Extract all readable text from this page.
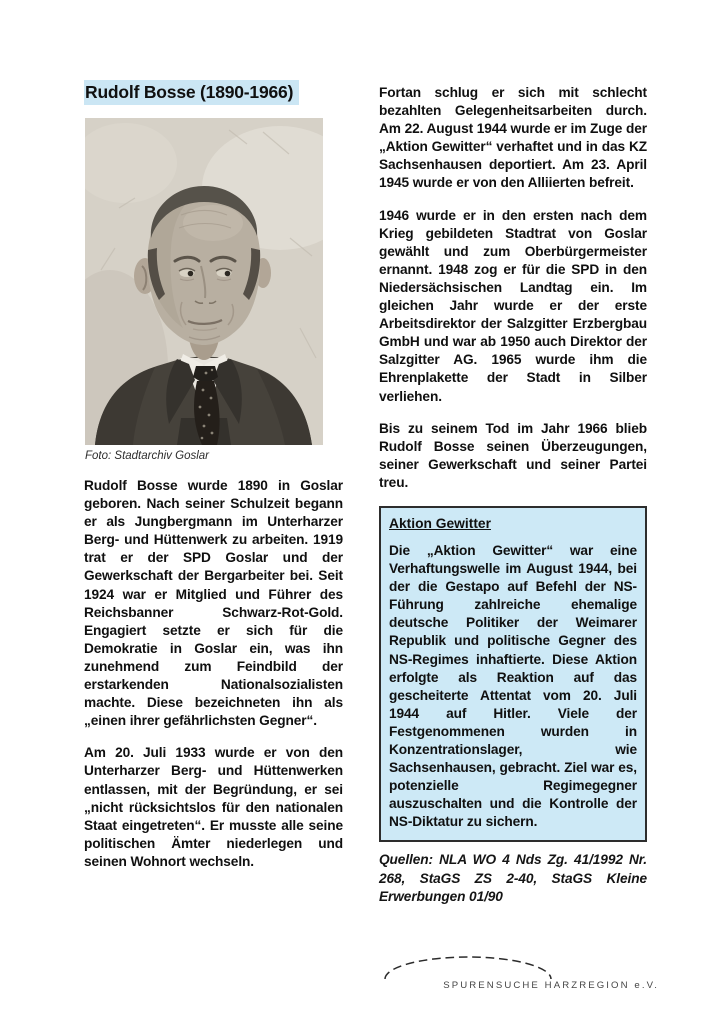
Rudolf Bosse (1890-1966)
Foto: Stadtarchiv Goslar

Rudolf Bosse wurde 1890 in Goslar geboren. Nach seiner Schulzeit begann er als Jungbergmann im Unterharzer Berg- und Hüttenwerk zu arbeiten. 1919 trat er der SPD Goslar und der Gewerkschaft der Bergarbeiter bei. Seit 1924 war er Mitglied und Führer des Reichsbanner Schwarz-Rot-Gold. Engagiert setzte er sich für die Demokratie in Goslar ein, was ihn zunehmend zum Feindbild der erstarkenden Nationalsozialisten machte. Diese bezeichneten ihn als „einen ihrer gefährlichsten Gegner“.

Am 20. Juli 1933 wurde er von den Unterharzer Berg- und Hüttenwerken entlassen, mit der Begründung, er sei „nicht rücksichtslos für den nationalen Staat eingetreten“. Er musste alle seine politischen Ämter niederlegen und seinen Wohnort wechseln.

Fortan schlug er sich mit schlecht bezahlten Gelegenheitsarbeiten durch. Am 22. August 1944 wurde er im Zuge der „Aktion Gewitter“ verhaftet und in das KZ Sachsenhausen deportiert. Am 23. April 1945 wurde er von den Alliierten befreit.

1946 wurde er in den ersten nach dem Krieg gebildeten Stadtrat von Goslar gewählt und zum Oberbürgermeister ernannt. 1948 zog er für die SPD in den Niedersächsischen Landtag ein. Im gleichen Jahr wurde er der erste Arbeitsdirektor der Salzgitter Erzbergbau GmbH und war ab 1950 auch Direktor der Salzgitter AG. 1965 wurde ihm die Ehrenplakette der Stadt in Silber verliehen.

Bis zu seinem Tod im Jahr 1966 blieb Rudolf Bosse seinen Überzeugungen, seiner Gewerkschaft und seiner Partei treu.

Aktion Gewitter

Die „Aktion Gewitter“ war eine Verhaftungswelle im August 1944, bei der die Gestapo auf Befehl der NS-Führung zahlreiche ehemalige deutsche Politiker der Weimarer Republik und politische Gegner des NS-Regimes inhaftierte. Diese Aktion erfolgte als Reaktion auf das gescheiterte Attentat vom 20. Juli 1944 auf Hitler. Viele der Festgenommenen wurden in Konzentrationslager, wie Sachsenhausen, gebracht. Ziel war es, potenzielle Regimegegner auszuschalten und die Kontrolle der NS-Diktatur zu sichern.

Quellen: NLA WO 4 Nds Zg. 41/1992 Nr. 268, StaGS ZS 2-40, StaGS Kleine Erwerbungen 01/90

SPURENSUCHE HARZREGION e.V.
